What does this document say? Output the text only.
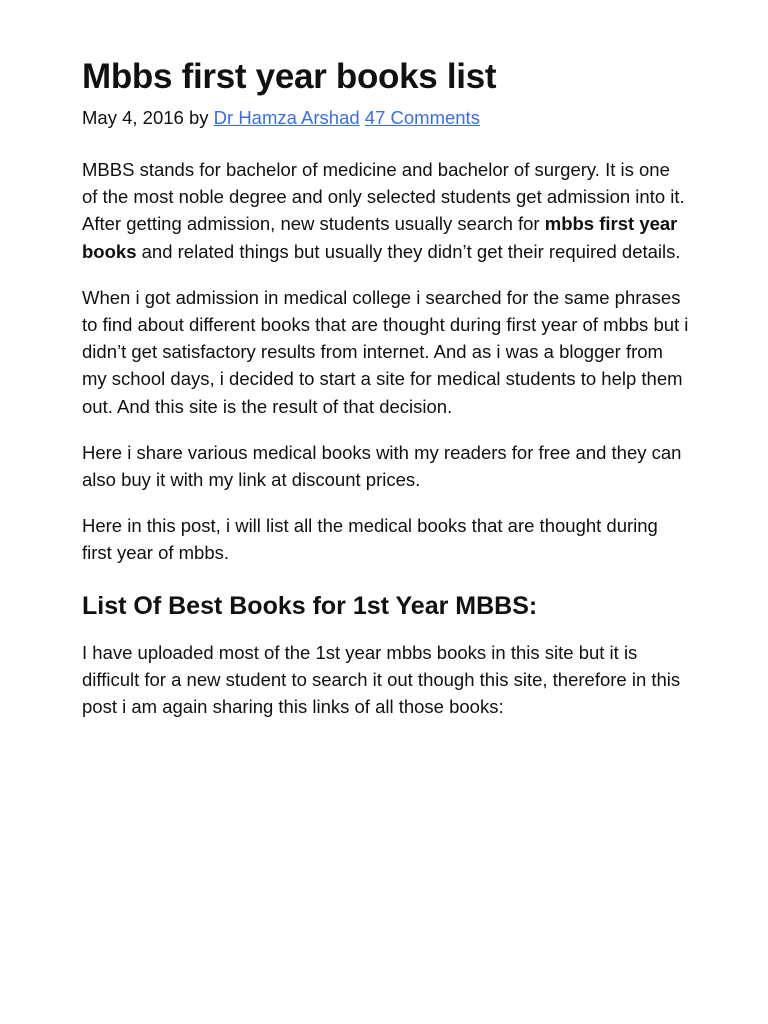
Mbbs first year books list
May 4, 2016 by Dr Hamza Arshad 47 Comments

MBBS stands for bachelor of medicine and bachelor of surgery. It is one of the most noble degree and only selected students get admission into it. After getting admission, new students usually search for mbbs first year books and related things but usually they didn’t get their required details.

When i got admission in medical college i searched for the same phrases to find about different books that are thought during first year of mbbs but i didn’t get satisfactory results from internet. And as i was a blogger from my school days, i decided to start a site for medical students to help them out. And this site is the result of that decision.

Here i share various medical books with my readers for free and they can also buy it with my link at discount prices.

Here in this post, i will list all the medical books that are thought during first year of mbbs.

List Of Best Books for 1st Year MBBS:

I have uploaded most of the 1st year mbbs books in this site but it is difficult for a new student to search it out though this site, therefore in this post i am again sharing this links of all those books:
